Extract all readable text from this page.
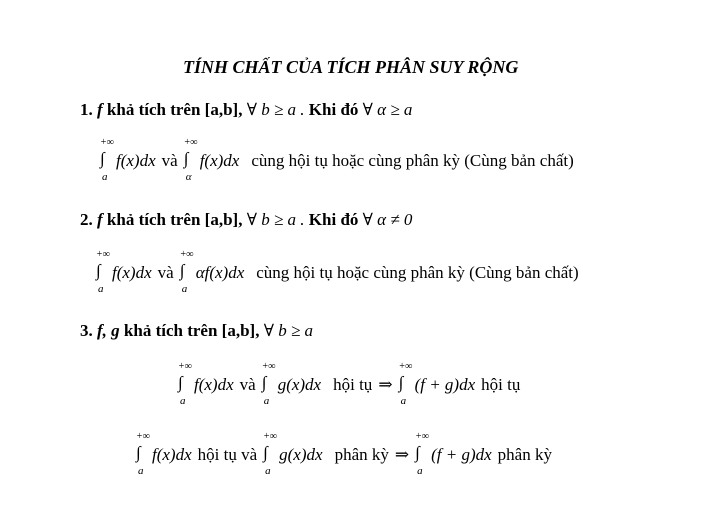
TÍNH CHẤT CỦA TÍCH PHÂN SUY RỘNG
1. f khả tích trên [a,b], ∀ b ≥ a . Khi đó ∀ α ≥ a
+∞
∫
a
f(x)dx và
+∞
∫
α
f(x)dx cùng hội tụ hoặc cùng phân kỳ (Cùng bản chất)
2. f khả tích trên [a,b], ∀ b ≥ a . Khi đó ∀ α ≠ 0
+∞
∫
a
f(x)dx và
+∞
∫
a
αf(x)dx cùng hội tụ hoặc cùng phân kỳ (Cùng bản chất)
3. f, g khả tích trên [a,b], ∀ b ≥ a
+∞
∫
a
f(x)dx và
+∞
∫
a
g(x)dx hội tụ ⇒
+∞
∫
a
(f + g)dx hội tụ
+∞
∫
a
f(x)dx hội tụ và
+∞
∫
a
g(x)dx phân kỳ ⇒
+∞
∫
a
(f + g)dx phân kỳ
